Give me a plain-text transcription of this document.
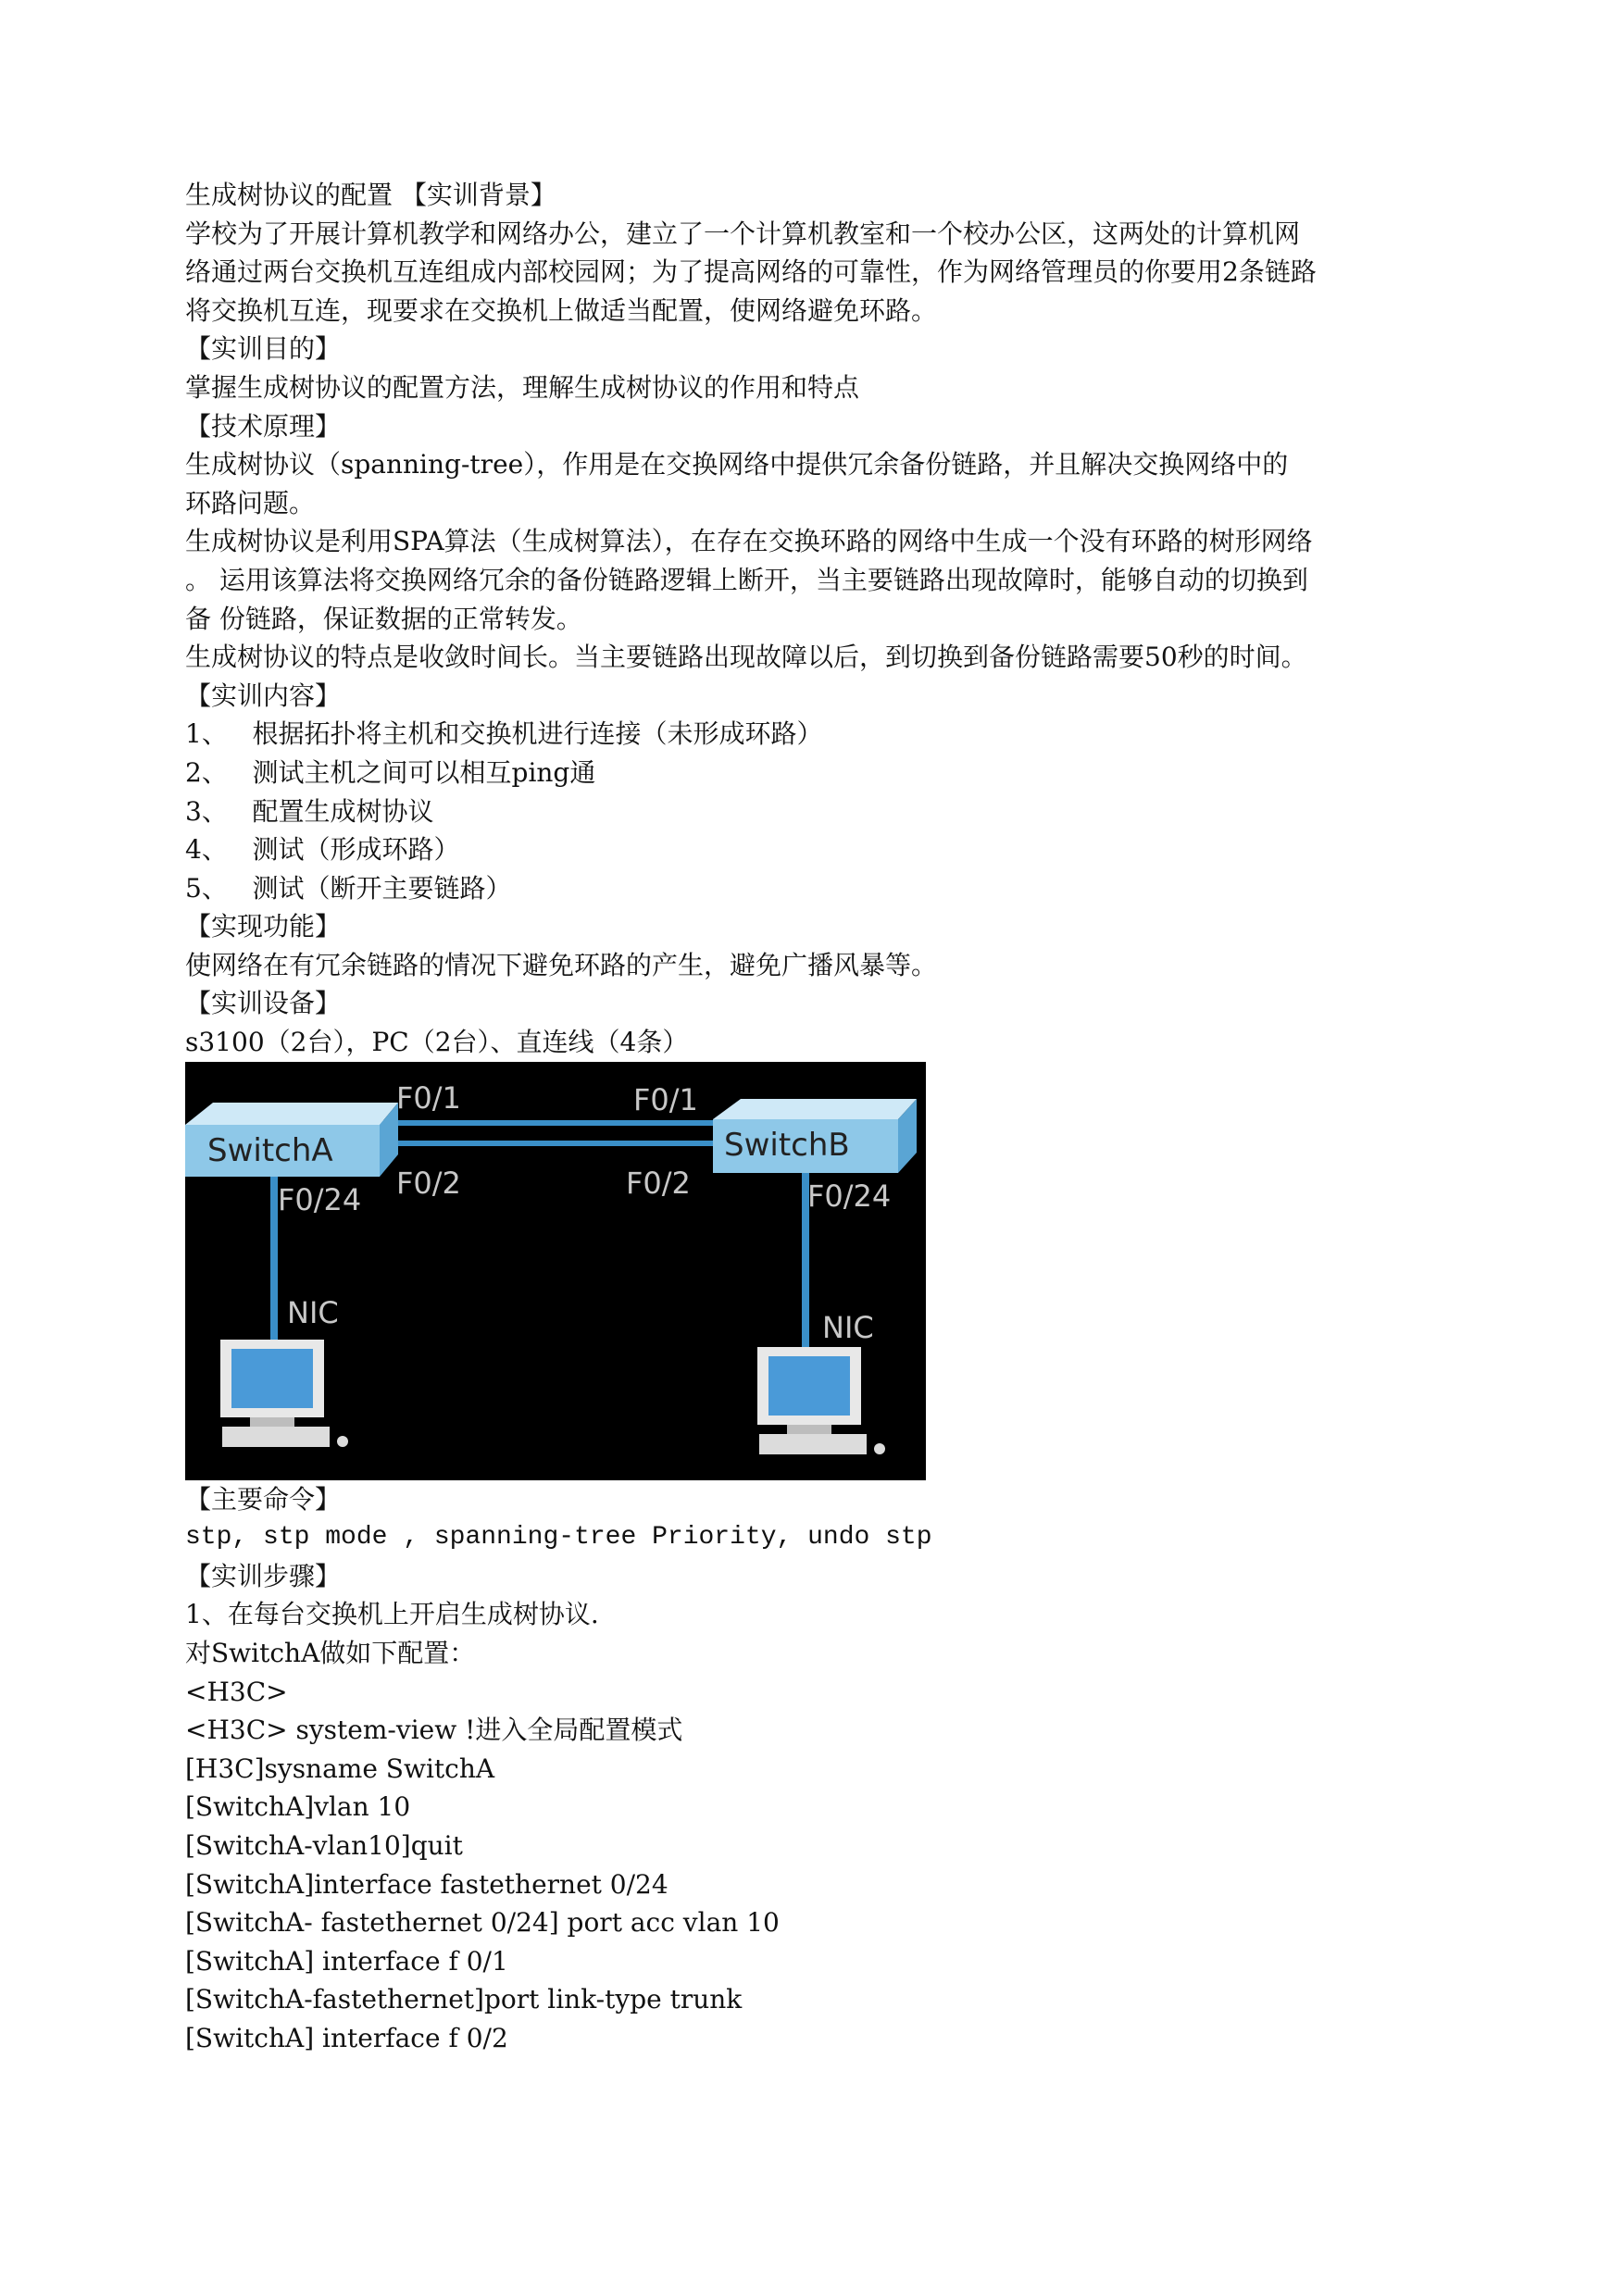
生成树协议的配置 【实训背景】

学校为了开展计算机教学和网络办公，建立了一个计算机教室和一个校办公区，这两处的计算机网

络通过两台交换机互连组成内部校园网；为了提高网络的可靠性，作为网络管理员的你要用2条链路

将交换机互连，现要求在交换机上做适当配置，使网络避免环路。

【实训目的】

掌握生成树协议的配置方法，理解生成树协议的作用和特点

【技术原理】

生成树协议（spanning-tree），作用是在交换网络中提供冗余备份链路，并且解决交换网络中的

环路问题。

生成树协议是利用SPA算法（生成树算法），在存在交换环路的网络中生成一个没有环路的树形网络

。 运用该算法将交换网络冗余的备份链路逻辑上断开，当主要链路出现故障时，能够自动的切换到

备 份链路，保证数据的正常转发。

生成树协议的特点是收敛时间长。当主要链路出现故障以后，到切换到备份链路需要50秒的时间。

【实训内容】

1、   根据拓扑将主机和交换机进行连接（未形成环路）

2、   测试主机之间可以相互ping通

3、   配置生成树协议

4、   测试（形成环路）

5、   测试（断开主要链路）

【实现功能】

使网络在有冗余链路的情况下避免环路的产生，避免广播风暴等。

【实训设备】

s3100（2台），PC（2台）、直连线（4条）

SwitchA	SwitchB
F0/1	F0/1
F0/2	F0/2
F0/24	F0/24
NIC	NIC

【主要命令】

stp, stp mode , spanning-tree Priority, undo stp

【实训步骤】

1、在每台交换机上开启生成树协议.

对SwitchA做如下配置：

<H3C>

<H3C> system-view !进入全局配置模式

[H3C]sysname SwitchA

[SwitchA]vlan 10

[SwitchA-vlan10]quit

[SwitchA]interface fastethernet 0/24

[SwitchA- fastethernet 0/24] port acc vlan 10

[SwitchA] interface f 0/1

[SwitchA-fastethernet]port link-type trunk

[SwitchA] interface f 0/2
